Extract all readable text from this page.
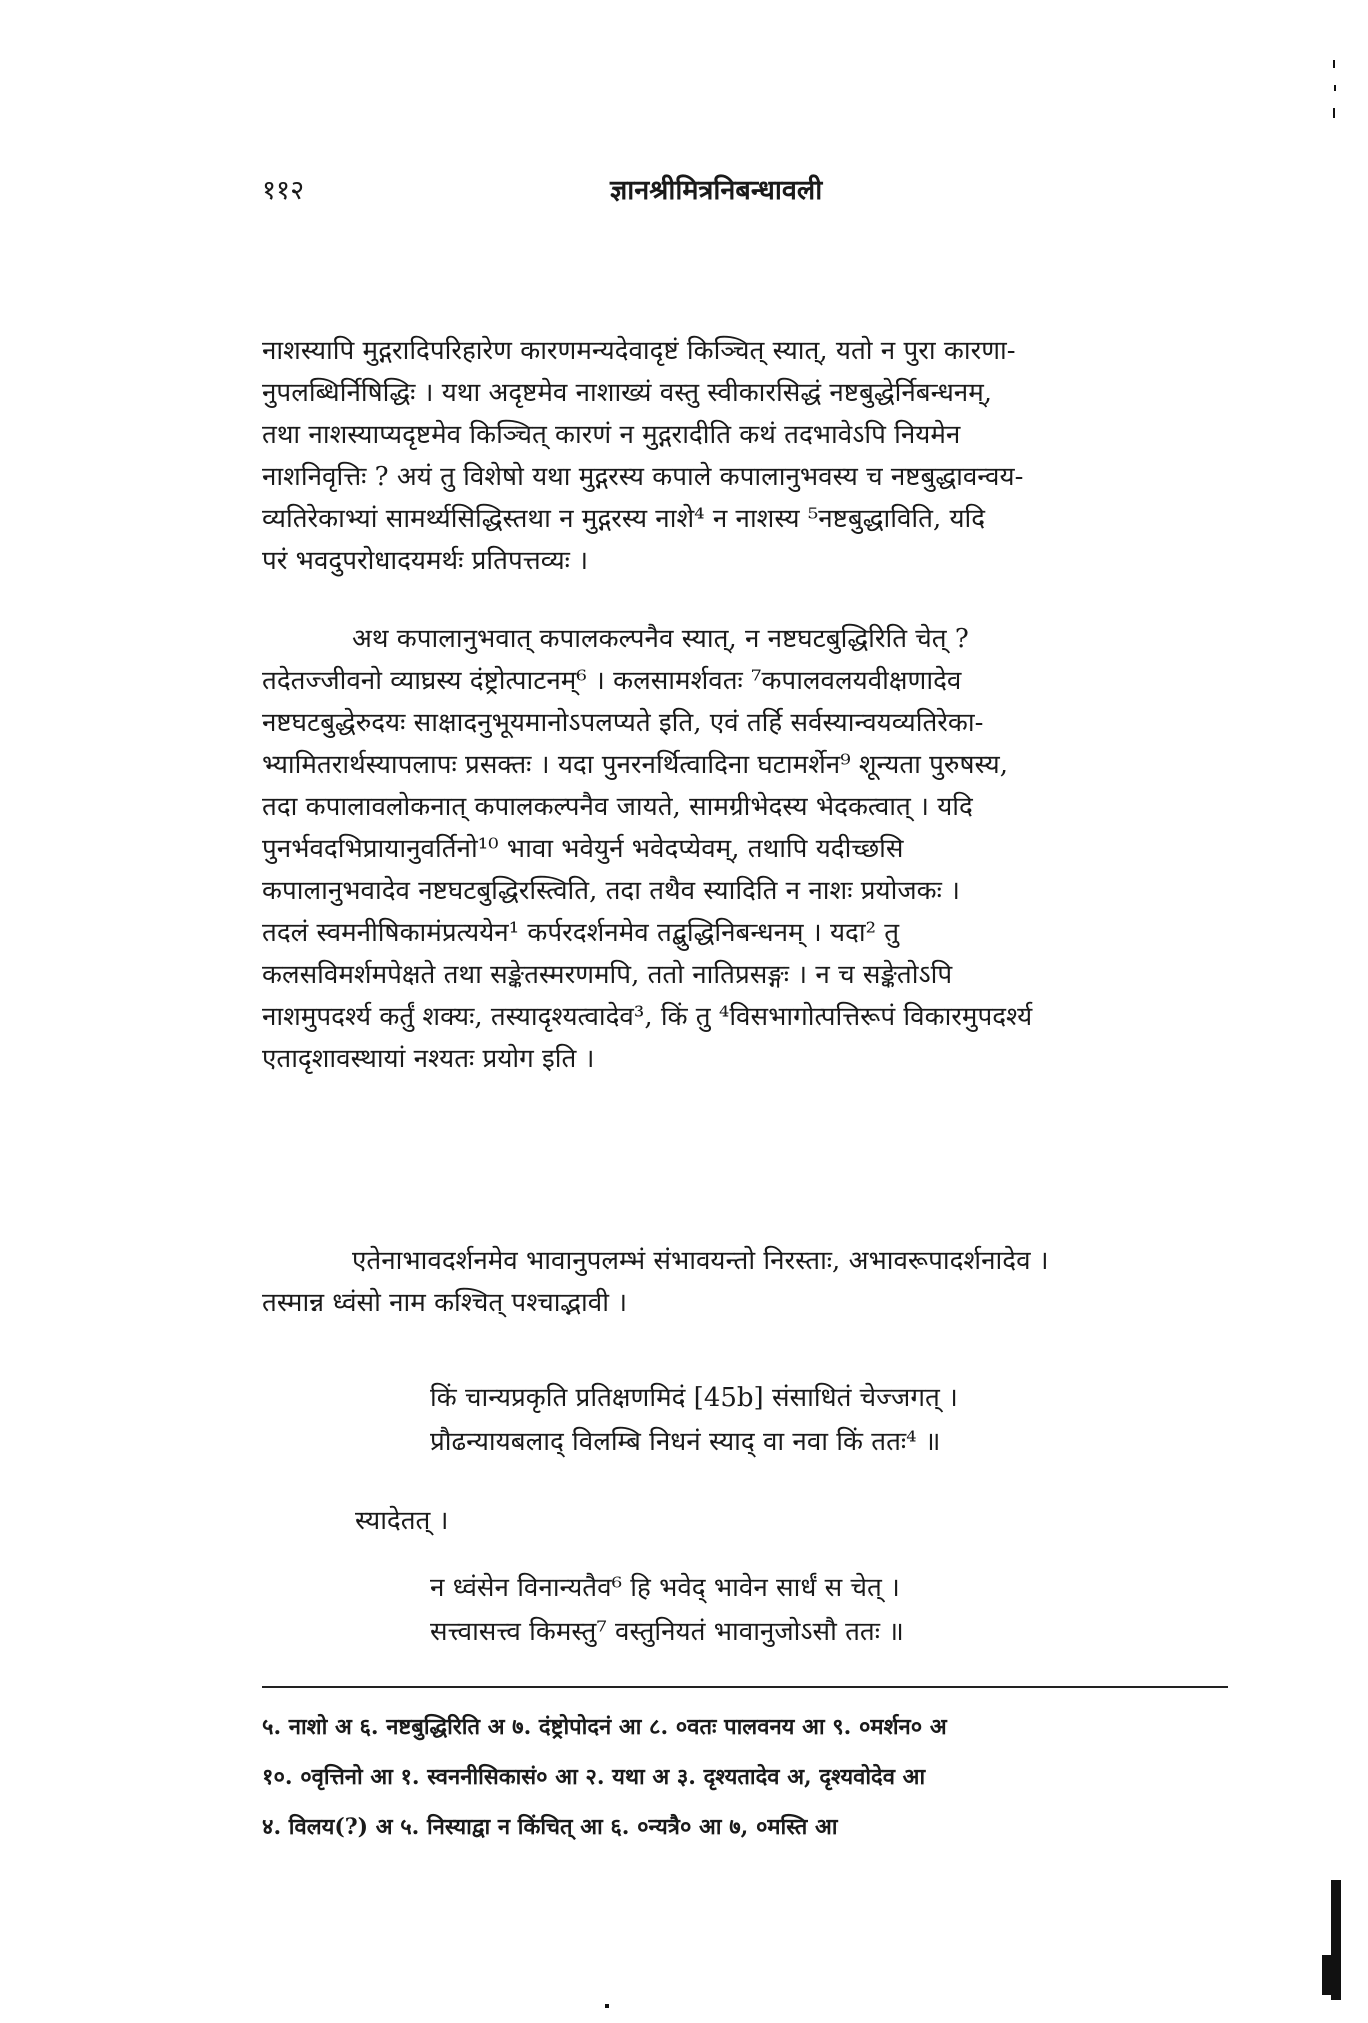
११२	ज्ञानश्रीमित्रनिबन्धावली
नाशस्यापि मुद्गरादिपरिहारेण कारणमन्यदेवादृष्टं किञ्चित् स्यात्, यतो न पुरा कारणा-
नुपलब्धिर्निषिद्धिः । यथा अदृष्टमेव नाशाख्यं वस्तु स्वीकारसिद्धं नष्टबुद्धेर्निबन्धनम्,
तथा नाशस्याप्यदृष्टमेव किञ्चित् कारणं न मुद्गरादीति कथं तदभावेऽपि नियमेन
नाशनिवृत्तिः ? अयं तु विशेषो यथा मुद्गरस्य कपाले कपालानुभवस्य च नष्टबुद्धावन्वय-
व्यतिरेकाभ्यां सामर्थ्यसिद्धिस्तथा न मुद्गरस्य नाशे⁴ न नाशस्य ⁵नष्टबुद्धाविति, यदि
परं भवदुपरोधादयमर्थः प्रतिपत्तव्यः ।
अथ कपालानुभवात् कपालकल्पनैव स्यात्, न नष्टघटबुद्धिरिति चेत् ?
तदेतज्जीवनो व्याघ्रस्य दंष्ट्रोत्पाटनम्⁶ । कलसामर्शवतः ⁷कपालवलयवीक्षणादेव
नष्टघटबुद्धेरुदयः साक्षादनुभूयमानोऽपलप्यते इति, एवं तर्हि सर्वस्यान्वयव्यतिरेका-
भ्यामितरार्थस्यापलापः प्रसक्तः । यदा पुनरनर्थित्वादिना घटामर्शेन⁹ शून्यता पुरुषस्य,
तदा कपालावलोकनात् कपालकल्पनैव जायते, सामग्रीभेदस्य भेदकत्वात् । यदि
पुनर्भवदभिप्रायानुवर्तिनो¹⁰ भावा भवेयुर्न भवेदप्येवम्, तथापि यदीच्छसि
कपालानुभवादेव नष्टघटबुद्धिरस्त्विति, तदा तथैव स्यादिति न नाशः प्रयोजकः ।
तदलं स्वमनीषिकामंप्रत्ययेन¹ कर्परदर्शनमेव तद्बुद्धिनिबन्धनम् । यदा² तु
कलसविमर्शमपेक्षते तथा सङ्केतस्मरणमपि, ततो नातिप्रसङ्गः । न च सङ्केतोऽपि
नाशमुपदर्श्य कर्तुं शक्यः, तस्यादृश्यत्वादेव³, किं तु ⁴विसभागोत्पत्तिरूपं विकारमुपदर्श्य
एतादृशावस्थायां नश्यतः प्रयोग इति ।
एतेनाभावदर्शनमेव भावानुपलम्भं संभावयन्तो निरस्ताः, अभावरूपादर्शनादेव ।
तस्मान्न ध्वंसो नाम कश्चित् पश्चाद्भावी ।
किं चान्यप्रकृति प्रतिक्षणमिदं [45b] संसाधितं चेज्जगत् ।
प्रौढन्यायबलाद् विलम्बि निधनं स्याद् वा नवा किं ततः⁴ ॥
स्यादेतत् ।
न ध्वंसेन विनान्यतैव⁶ हि भवेद् भावेन सार्धं स चेत् ।
सत्त्वासत्त्व किमस्तु⁷ वस्तुनियतं भावानुजोऽसौ ततः ॥
५. नाशो अ ६. नष्टबुद्धिरिति अ ७. दंष्ट्रोपोदनं आ ८. ०वतः पालवनय आ ९. ०मर्शन० अ
१०. ०वृत्तिनो आ १. स्वननीसिकासं० आ २. यथा अ ३. दृश्यतादेव अ, दृश्यवोदेव आ
४. विलय(?) अ ५. निस्याद्वा न किंचित् आ ६. ०न्यत्रै० आ ७, ०मस्ति आ
